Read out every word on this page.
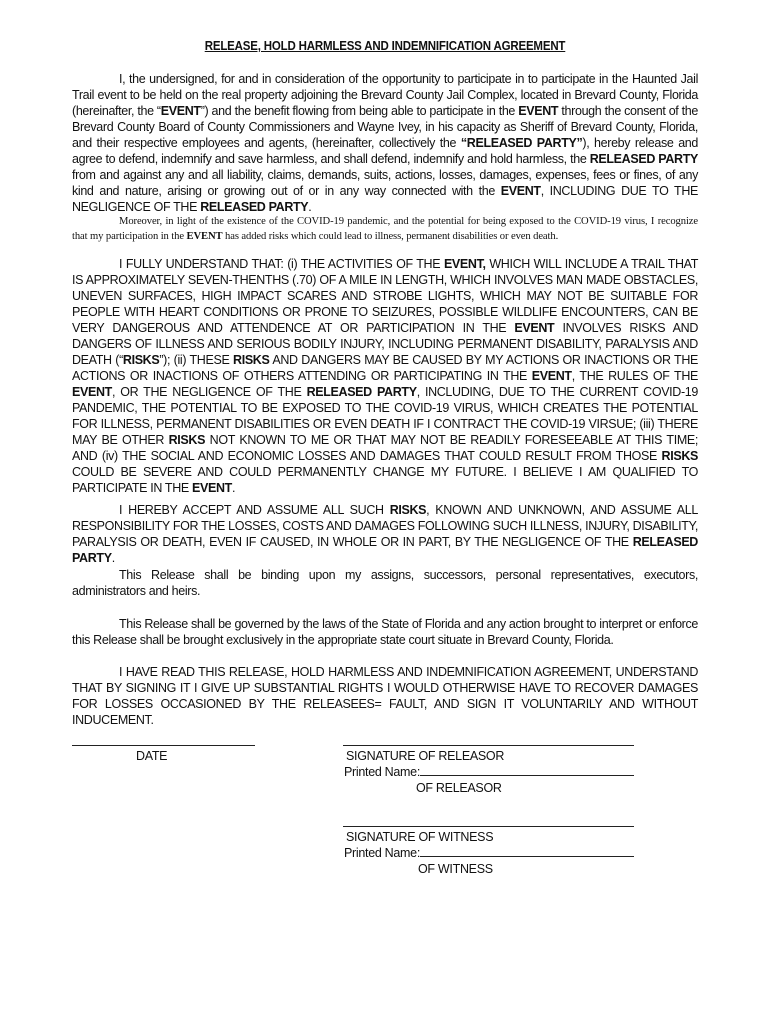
RELEASE, HOLD HARMLESS AND INDEMNIFICATION AGREEMENT
I, the undersigned, for and in consideration of the opportunity to participate in to participate in the Haunted Jail Trail event to be held on the real property adjoining the Brevard County Jail Complex, located in Brevard County, Florida (hereinafter, the “EVENT”) and the benefit flowing from being able to participate in the EVENT through the consent of the Brevard County Board of County Commissioners and Wayne Ivey, in his capacity as Sheriff of Brevard County, Florida, and their respective employees and agents, (hereinafter, collectively the “RELEASED PARTY”), hereby release and agree to defend, indemnify and save harmless, and shall defend, indemnify and hold harmless, the RELEASED PARTY from and against any and all liability, claims, demands, suits, actions, losses, damages, expenses, fees or fines, of any kind and nature, arising or growing out of or in any way connected with the EVENT, INCLUDING DUE TO THE NEGLIGENCE OF THE RELEASED PARTY.
Moreover, in light of the existence of the COVID-19 pandemic, and the potential for being exposed to the COVID-19 virus, I recognize that my participation in the EVENT has added risks which could lead to illness, permanent disabilities or even death.
I FULLY UNDERSTAND THAT: (i) THE ACTIVITIES OF THE EVENT, WHICH WILL INCLUDE A TRAIL THAT IS APPROXIMATELY SEVEN-THENTHS (.70) OF A MILE IN LENGTH, WHICH INVOLVES MAN MADE OBSTACLES, UNEVEN SURFACES, HIGH IMPACT SCARES AND STROBE LIGHTS, WHICH MAY NOT BE SUITABLE FOR PEOPLE WITH HEART CONDITIONS OR PRONE TO SEIZURES, POSSIBLE WILDLIFE ENCOUNTERS, CAN BE VERY DANGEROUS AND ATTENDENCE AT OR PARTICIPATION IN THE EVENT INVOLVES RISKS AND DANGERS OF ILLNESS AND SERIOUS BODILY INJURY, INCLUDING PERMANENT DISABILITY, PARALYSIS AND DEATH (“RISKS”); (ii) THESE RISKS AND DANGERS MAY BE CAUSED BY MY ACTIONS OR INACTIONS OR THE ACTIONS OR INACTIONS OF OTHERS ATTENDING OR PARTICIPATING IN THE EVENT, THE RULES OF THE EVENT, OR THE NEGLIGENCE OF THE RELEASED PARTY, INCLUDING, DUE TO THE CURRENT COVID-19 PANDEMIC, THE POTENTIAL TO BE EXPOSED TO THE COVID-19 VIRUS, WHICH CREATES THE POTENTIAL FOR ILLNESS, PERMANENT DISABILITIES OR EVEN DEATH IF I CONTRACT THE COVID-19 VIRSUE; (iii) THERE MAY BE OTHER RISKS NOT KNOWN TO ME OR THAT MAY NOT BE READILY FORESEEABLE AT THIS TIME; AND (iv) THE SOCIAL AND ECONOMIC LOSSES AND DAMAGES THAT COULD RESULT FROM THOSE RISKS COULD BE SEVERE AND COULD PERMANENTLY CHANGE MY FUTURE. I BELIEVE I AM QUALIFIED TO PARTICIPATE IN THE EVENT.
I HEREBY ACCEPT AND ASSUME ALL SUCH RISKS, KNOWN AND UNKNOWN, AND ASSUME ALL RESPONSIBILITY FOR THE LOSSES, COSTS AND DAMAGES FOLLOWING SUCH ILLNESS, INJURY, DISABILITY, PARALYSIS OR DEATH, EVEN IF CAUSED, IN WHOLE OR IN PART, BY THE NEGLIGENCE OF THE RELEASED PARTY.
This Release shall be binding upon my assigns, successors, personal representatives, executors, administrators and heirs.
This Release shall be governed by the laws of the State of Florida and any action brought to interpret or enforce this Release shall be brought exclusively in the appropriate state court situate in Brevard County, Florida.
I HAVE READ THIS RELEASE, HOLD HARMLESS AND INDEMNIFICATION AGREEMENT, UNDERSTAND THAT BY SIGNING IT I GIVE UP SUBSTANTIAL RIGHTS I WOULD OTHERWISE HAVE TO RECOVER DAMAGES FOR LOSSES OCCASIONED BY THE RELEASEES= FAULT, AND SIGN IT VOLUNTARILY AND WITHOUT INDUCEMENT.
DATE	SIGNATURE OF RELEASOR
Printed Name:
OF RELEASOR
SIGNATURE OF WITNESS
Printed Name:
OF WITNESS
